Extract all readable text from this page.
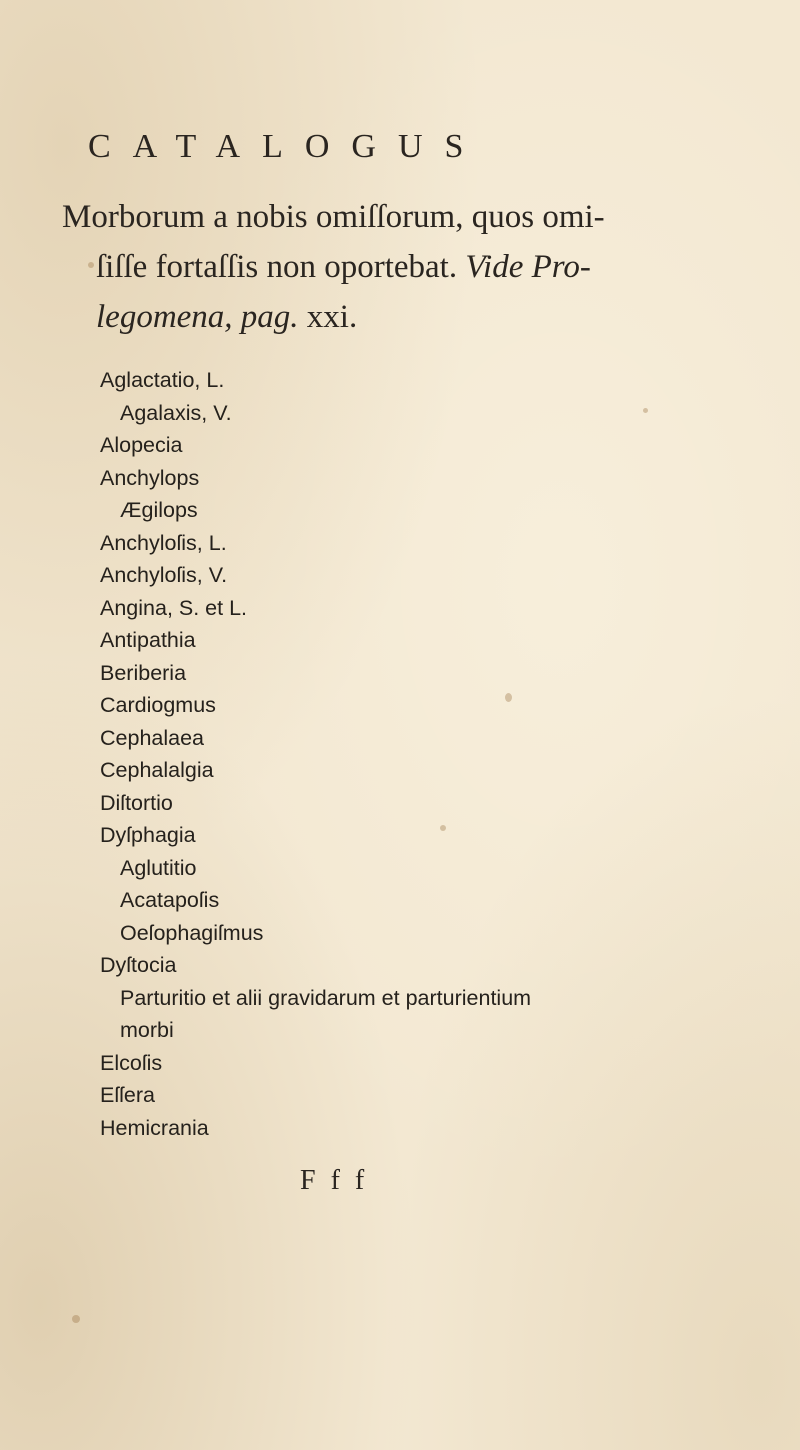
CATALOGUS
Morborum a nobis omiſſorum, quos omi-
ſiſſe fortaſſis non oportebat. Vide Pro-
legomena, pag. xxi.
Aglactatio, L.
Agalaxis, V.
Alopecia
Anchylops
Ægilops
Anchyloſis, L.
Anchyloſis, V.
Angina, S. et L.
Antipathia
Beriberia
Cardiogmus
Cephalaea
Cephalalgia
Diſtortio
Dyſphagia
Aglutitio
Acatapoſis
Oeſophagiſmus
Dyſtocia
Parturitio et alii gravidarum et parturientium
morbi
Elcoſis
Eſſera
Hemicrania
F f f
